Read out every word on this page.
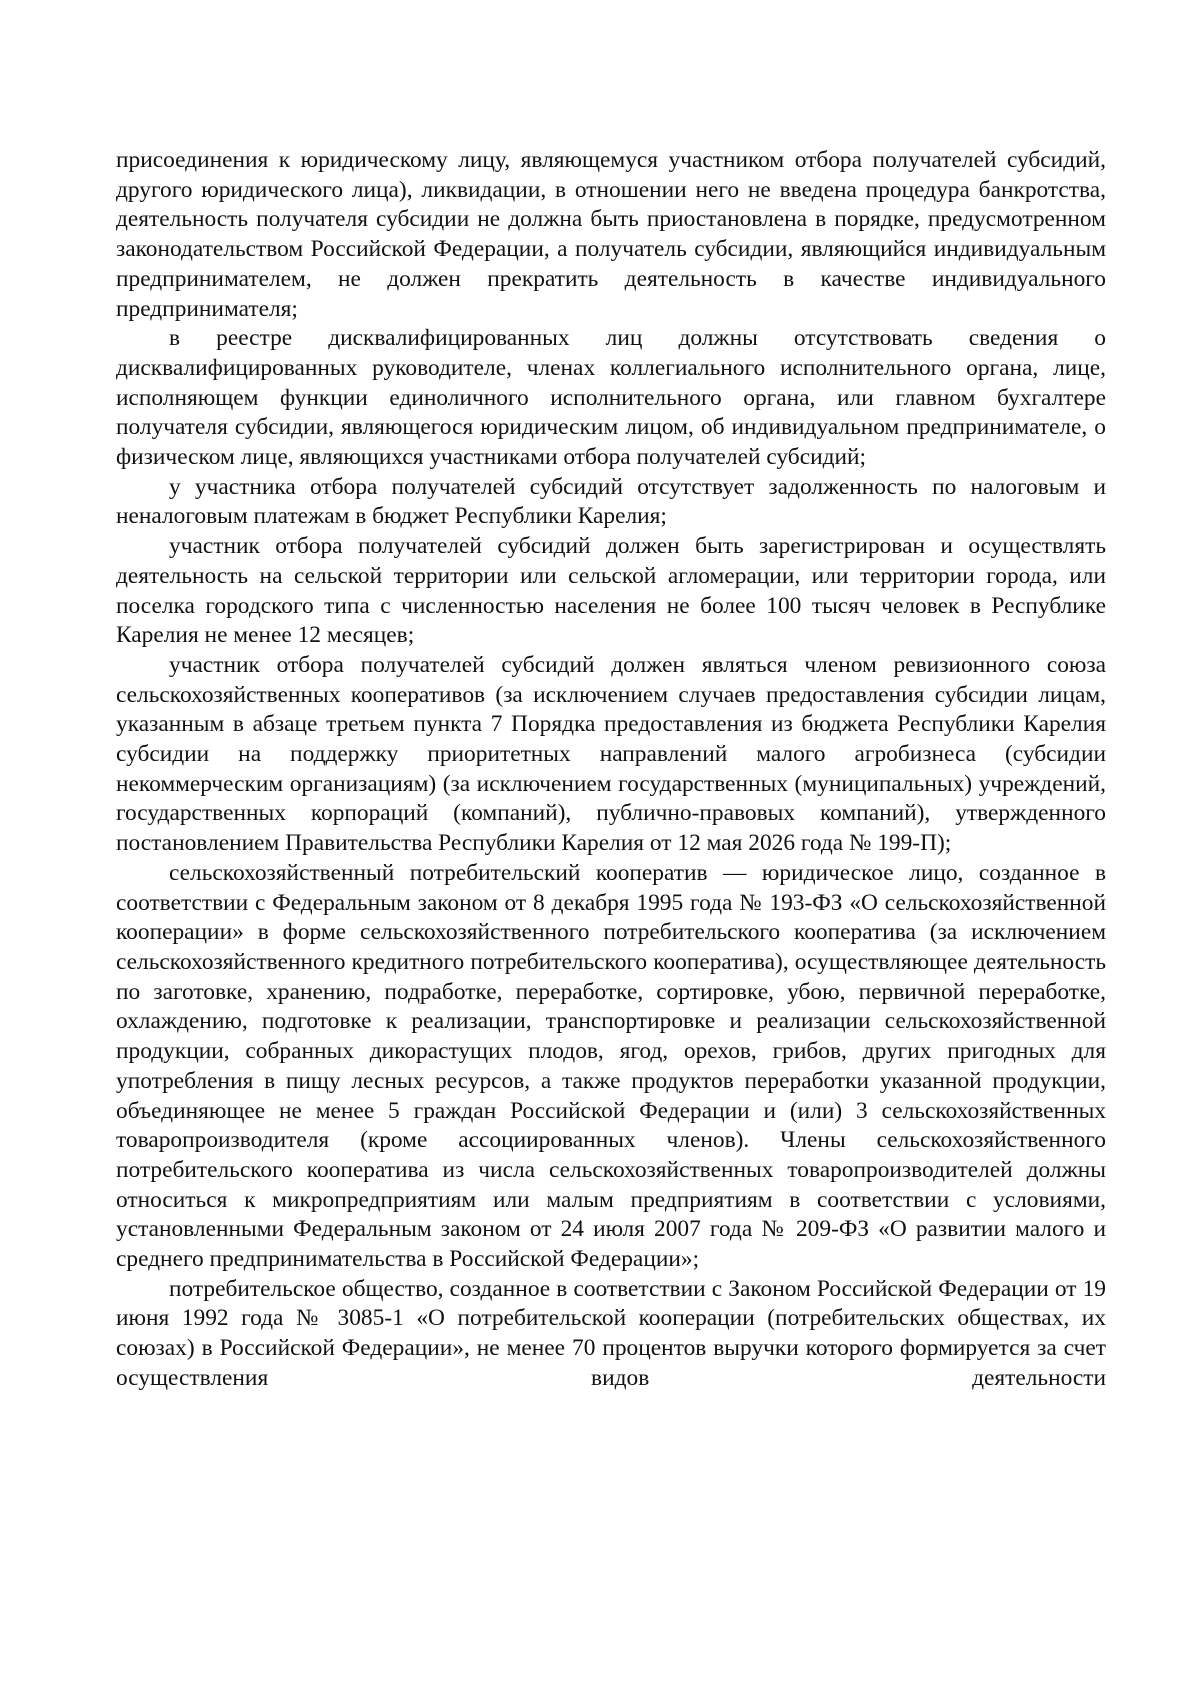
присоединения к юридическому лицу, являющемуся участником отбора получателей субсидий, другого юридического лица), ликвидации, в отношении него не введена процедура банкротства, деятельность получателя субсидии не должна быть приостановлена в порядке, предусмотренном законодательством Российской Федерации, а получатель субсидии, являющийся индивидуальным предпринимателем, не должен прекратить деятельность в качестве индивидуального предпринимателя;

в реестре дисквалифицированных лиц должны отсутствовать сведения о дисквалифицированных руководителе, членах коллегиального исполнительного органа, лице, исполняющем функции единоличного исполнительного органа, или главном бухгалтере получателя субсидии, являющегося юридическим лицом, об индивидуальном предпринимателе, о физическом лице, являющихся участниками отбора получателей субсидий;

у участника отбора получателей субсидий отсутствует задолженность по налоговым и неналоговым платежам в бюджет Республики Карелия;

участник отбора получателей субсидий должен быть зарегистрирован и осуществлять деятельность на сельской территории или сельской агломерации, или территории города, или поселка городского типа с численностью населения не более 100 тысяч человек в Республике Карелия не менее 12 месяцев;

участник отбора получателей субсидий должен являться членом ревизионного союза сельскохозяйственных кооперативов (за исключением случаев предоставления субсидии лицам, указанным в абзаце третьем пункта 7 Порядка предоставления из бюджета Республики Карелия субсидии на поддержку приоритетных направлений малого агробизнеса (субсидии некоммерческим организациям) (за исключением государственных (муниципальных) учреждений, государственных корпораций (компаний), публично-правовых компаний), утвержденного постановлением Правительства Республики Карелия от 12 мая 2026 года № 199-П);

сельскохозяйственный потребительский кооператив — юридическое лицо, созданное в соответствии с Федеральным законом от 8 декабря 1995 года № 193-ФЗ «О сельскохозяйственной кооперации» в форме сельскохозяйственного потребительского кооператива (за исключением сельскохозяйственного кредитного потребительского кооператива), осуществляющее деятельность по заготовке, хранению, подработке, переработке, сортировке, убою, первичной переработке, охлаждению, подготовке к реализации, транспортировке и реализации сельскохозяйственной продукции, собранных дикорастущих плодов, ягод, орехов, грибов, других пригодных для употребления в пищу лесных ресурсов, а также продуктов переработки указанной продукции, объединяющее не менее 5 граждан Российской Федерации и (или) 3 сельскохозяйственных товаропроизводителя (кроме ассоциированных членов). Члены сельскохозяйственного потребительского кооператива из числа сельскохозяйственных товаропроизводителей должны относиться к микропредприятиям или малым предприятиям в соответствии с условиями, установленными Федеральным законом от 24 июля 2007 года № 209-ФЗ «О развитии малого и среднего предпринимательства в Российской Федерации»;

потребительское общество, созданное в соответствии с Законом Российской Федерации от 19 июня 1992 года № 3085-1 «О потребительской кооперации (потребительских обществах, их союзах) в Российской Федерации», не менее 70 процентов выручки которого формируется за счет осуществления видов деятельности
